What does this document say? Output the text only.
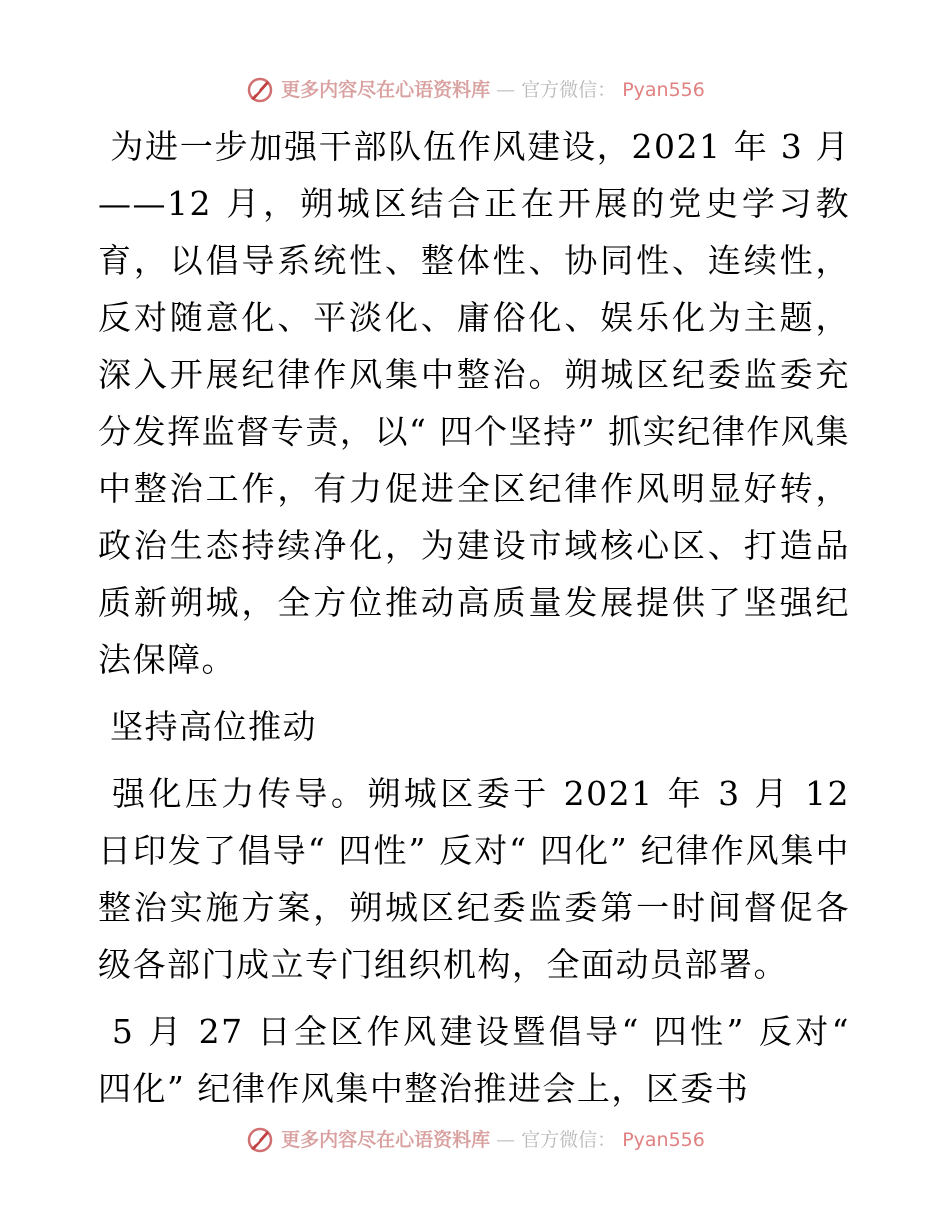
更多内容尽在心语资料库 — 官方微信： Pyan556

为进一步加强干部队伍作风建设，2021 年 3 月——12 月，朔城区结合正在开展的党史学习教育，以倡导系统性、整体性、协同性、连续性，反对随意化、平淡化、庸俗化、娱乐化为主题，深入开展纪律作风集中整治。朔城区纪委监委充分发挥监督专责，以“ 四个坚持” 抓实纪律作风集中整治工作，有力促进全区纪律作风明显好转，政治生态持续净化，为建设市域核心区、打造品质新朔城，全方位推动高质量发展提供了坚强纪法保障。

坚持高位推动

强化压力传导。朔城区委于 2021 年 3 月 12 日印发了倡导“ 四性” 反对“ 四化” 纪律作风集中整治实施方案，朔城区纪委监委第一时间督促各级各部门成立专门组织机构，全面动员部署。

5 月 27 日全区作风建设暨倡导“ 四性” 反对“ 四化” 纪律作风集中整治推进会上，区委书

更多内容尽在心语资料库 — 官方微信： Pyan556
